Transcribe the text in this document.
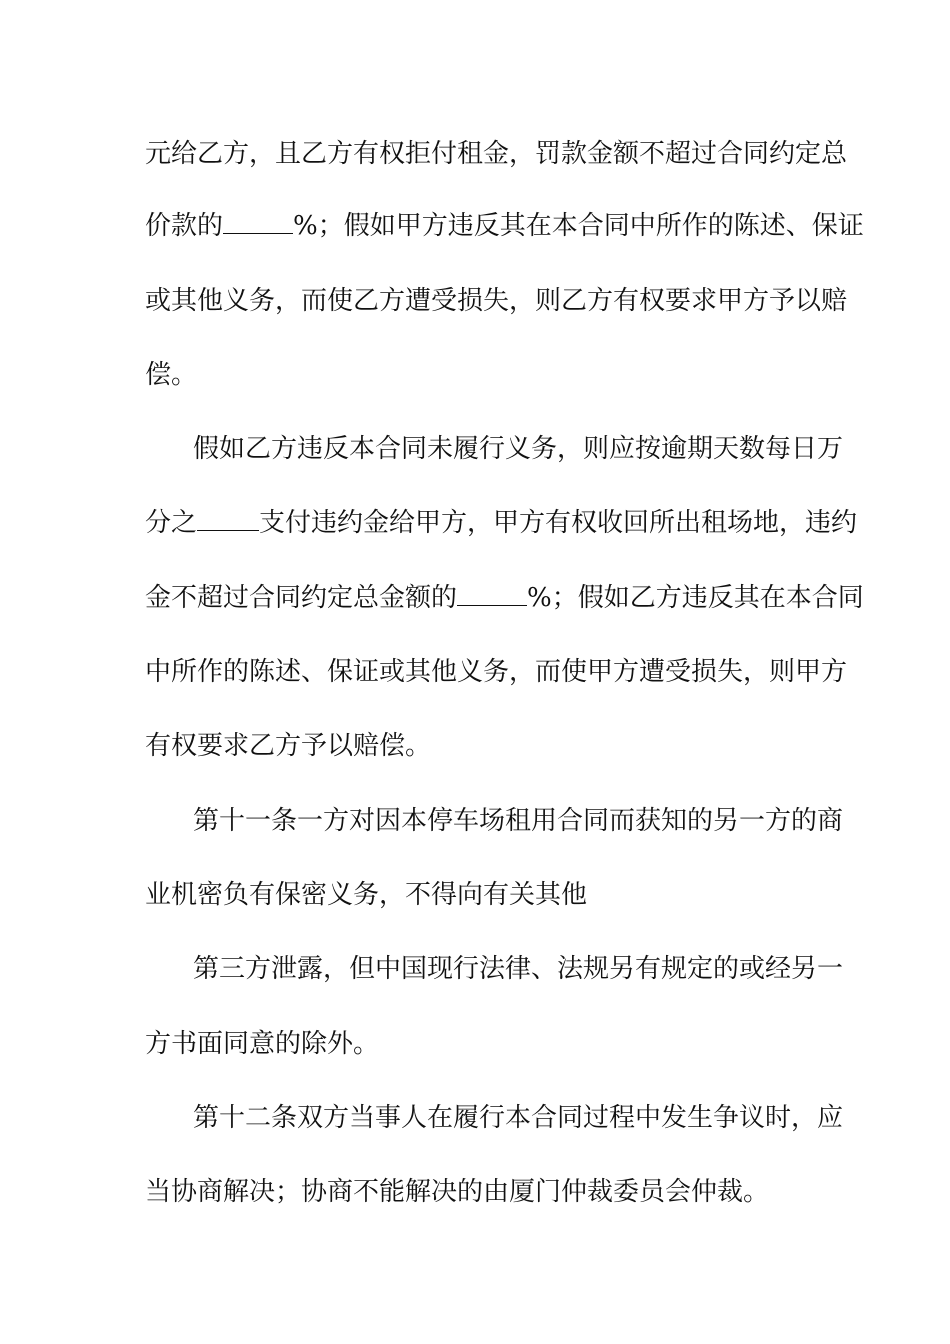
元给乙方，且乙方有权拒付租金，罚款金额不超过合同约定总
价款的	%；假如甲方违反其在本合同中所作的陈述、保证
或其他义务，而使乙方遭受损失，则乙方有权要求甲方予以赔
偿。
假如乙方违反本合同未履行义务，则应按逾期天数每日万
分之 支付违约金给甲方，甲方有权收回所出租场地，违约
金不超过合同约定总金额的	%；假如乙方违反其在本合同
中所作的陈述、保证或其他义务，而使甲方遭受损失，则甲方
有权要求乙方予以赔偿。
第十一条一方对因本停车场租用合同而获知的另一方的商
业机密负有保密义务，不得向有关其他
第三方泄露，但中国现行法律、法规另有规定的或经另一
方书面同意的除外。
第十二条双方当事人在履行本合同过程中发生争议时，应
当协商解决；协商不能解决的由厦门仲裁委员会仲裁。
